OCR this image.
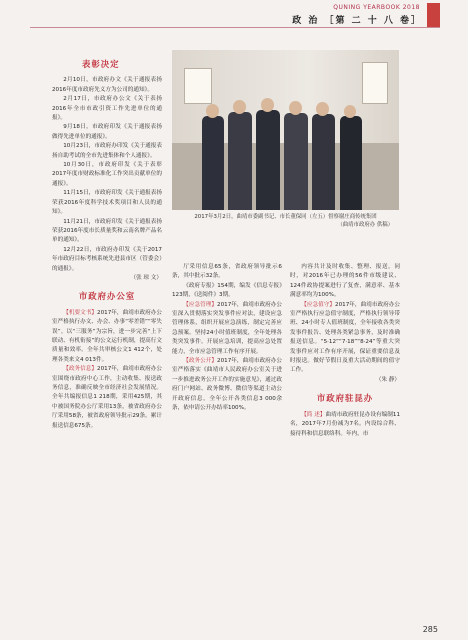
QUNING YEARBOOK 2018
政 治 ［第 二 十 八 卷］
表彰决定

2月10日，市政府办文《关于通报表扬2016年度市政府先义方为公司的通知》。

2月17日，市政府办公文《关于表扬2016年全市市政引资工作先进单位的通报》。

9月18日，市政府印发《关于通报表扬做得先进单位的通报》。

10月23日，市政府办印发《关于通报表扬自助考试的全市先进集体和个人通报》。

10月30日，市政府印发《关于表彰2017年度市财政标准化工作突出贡献单位的通报》。

11月15日，市政府印发《关于通报表扬荣获2016年度科学技术奖项目和人员的通知》。

11月21日，市政府印发《关于通报表扬荣获2016年度市长质量奖和云南名牌产品名单的通知》。

12月22日，市政府办印发《关于2017年市政府目标考核系统先进县市区（管委会）的通报》。

（张 琼 文）

市政府办公室

【机要文书】2017年，曲靖市政府办公室严格执行办文、办会、办事“零差错”“零失误”。以“三服务”为宗旨，进一步完善“上下联动、有机衔接”的公文运行机制，提高行文质量和效率。全年共审核公文1 412个，处理各类来文4 013件。

【政务信息】2017年，曲靖市政府办公室围绕市政府中心工作，主动收集、报送政务信息，准确反映全市经济社会发展情况。全年共编报信息1 218期，采用425期，其中被国务院办公厅采用13条，被省政府办公厅采用58条，被省政府领导批示29条。累计报送信息675条。

2017年3月2日，曲靖市委副书记、市长董保同（左五）督察谢庄商传统集团
（曲靖市政府办 供稿）

厅采用信息65条，省政府领导批示6条，其中批示32条。

《政府专报》154期，编发《信息专报》123期，《送阅件》3期。

【应急管理】2017年，曲靖市政府办公室深入贯彻落实突发事件应对法，建设应急管理体系，组织开展应急演练，制定完善应急预案。坚持24小时值班制度，全年处理各类突发事件。开展应急培训，提高应急处置能力，全市应急管理工作有序开展。

【政务公开】2017年，曲靖市政府办公室严格落实《曲靖市人民政府办公室关于进一步推进政务公开工作的实施意见》，通过政府门户网站、政务微博、微信等渠道主动公开政府信息，全年公开各类信息3 000余条，依申请公开办结率100%。

内容共计及时收集、整理、报送，同时，对2016年已办理的56件市级建议、124件政协提案进行了复查，满意率、基本满意率均为100%。

【应急值守】2017年，曲靖市政府办公室严格执行应急值守制度，严格执行领导带班、24小时专人值班制度，全年接收各类突发事件报告、处理各类紧急事务，及时准确报送信息。“5·12”“7·18”“8·24”等重大突发事件应对工作有序开展，保证重要信息及时报送。做好节假日及重大活动期间的值守工作。

（朱 静）

市政府驻昆办

【简 述】曲靖市政府驻昆办设有编制11名，2017年7月份减为7名。内设综合科、接待科和信息联络科。年内，市

285
